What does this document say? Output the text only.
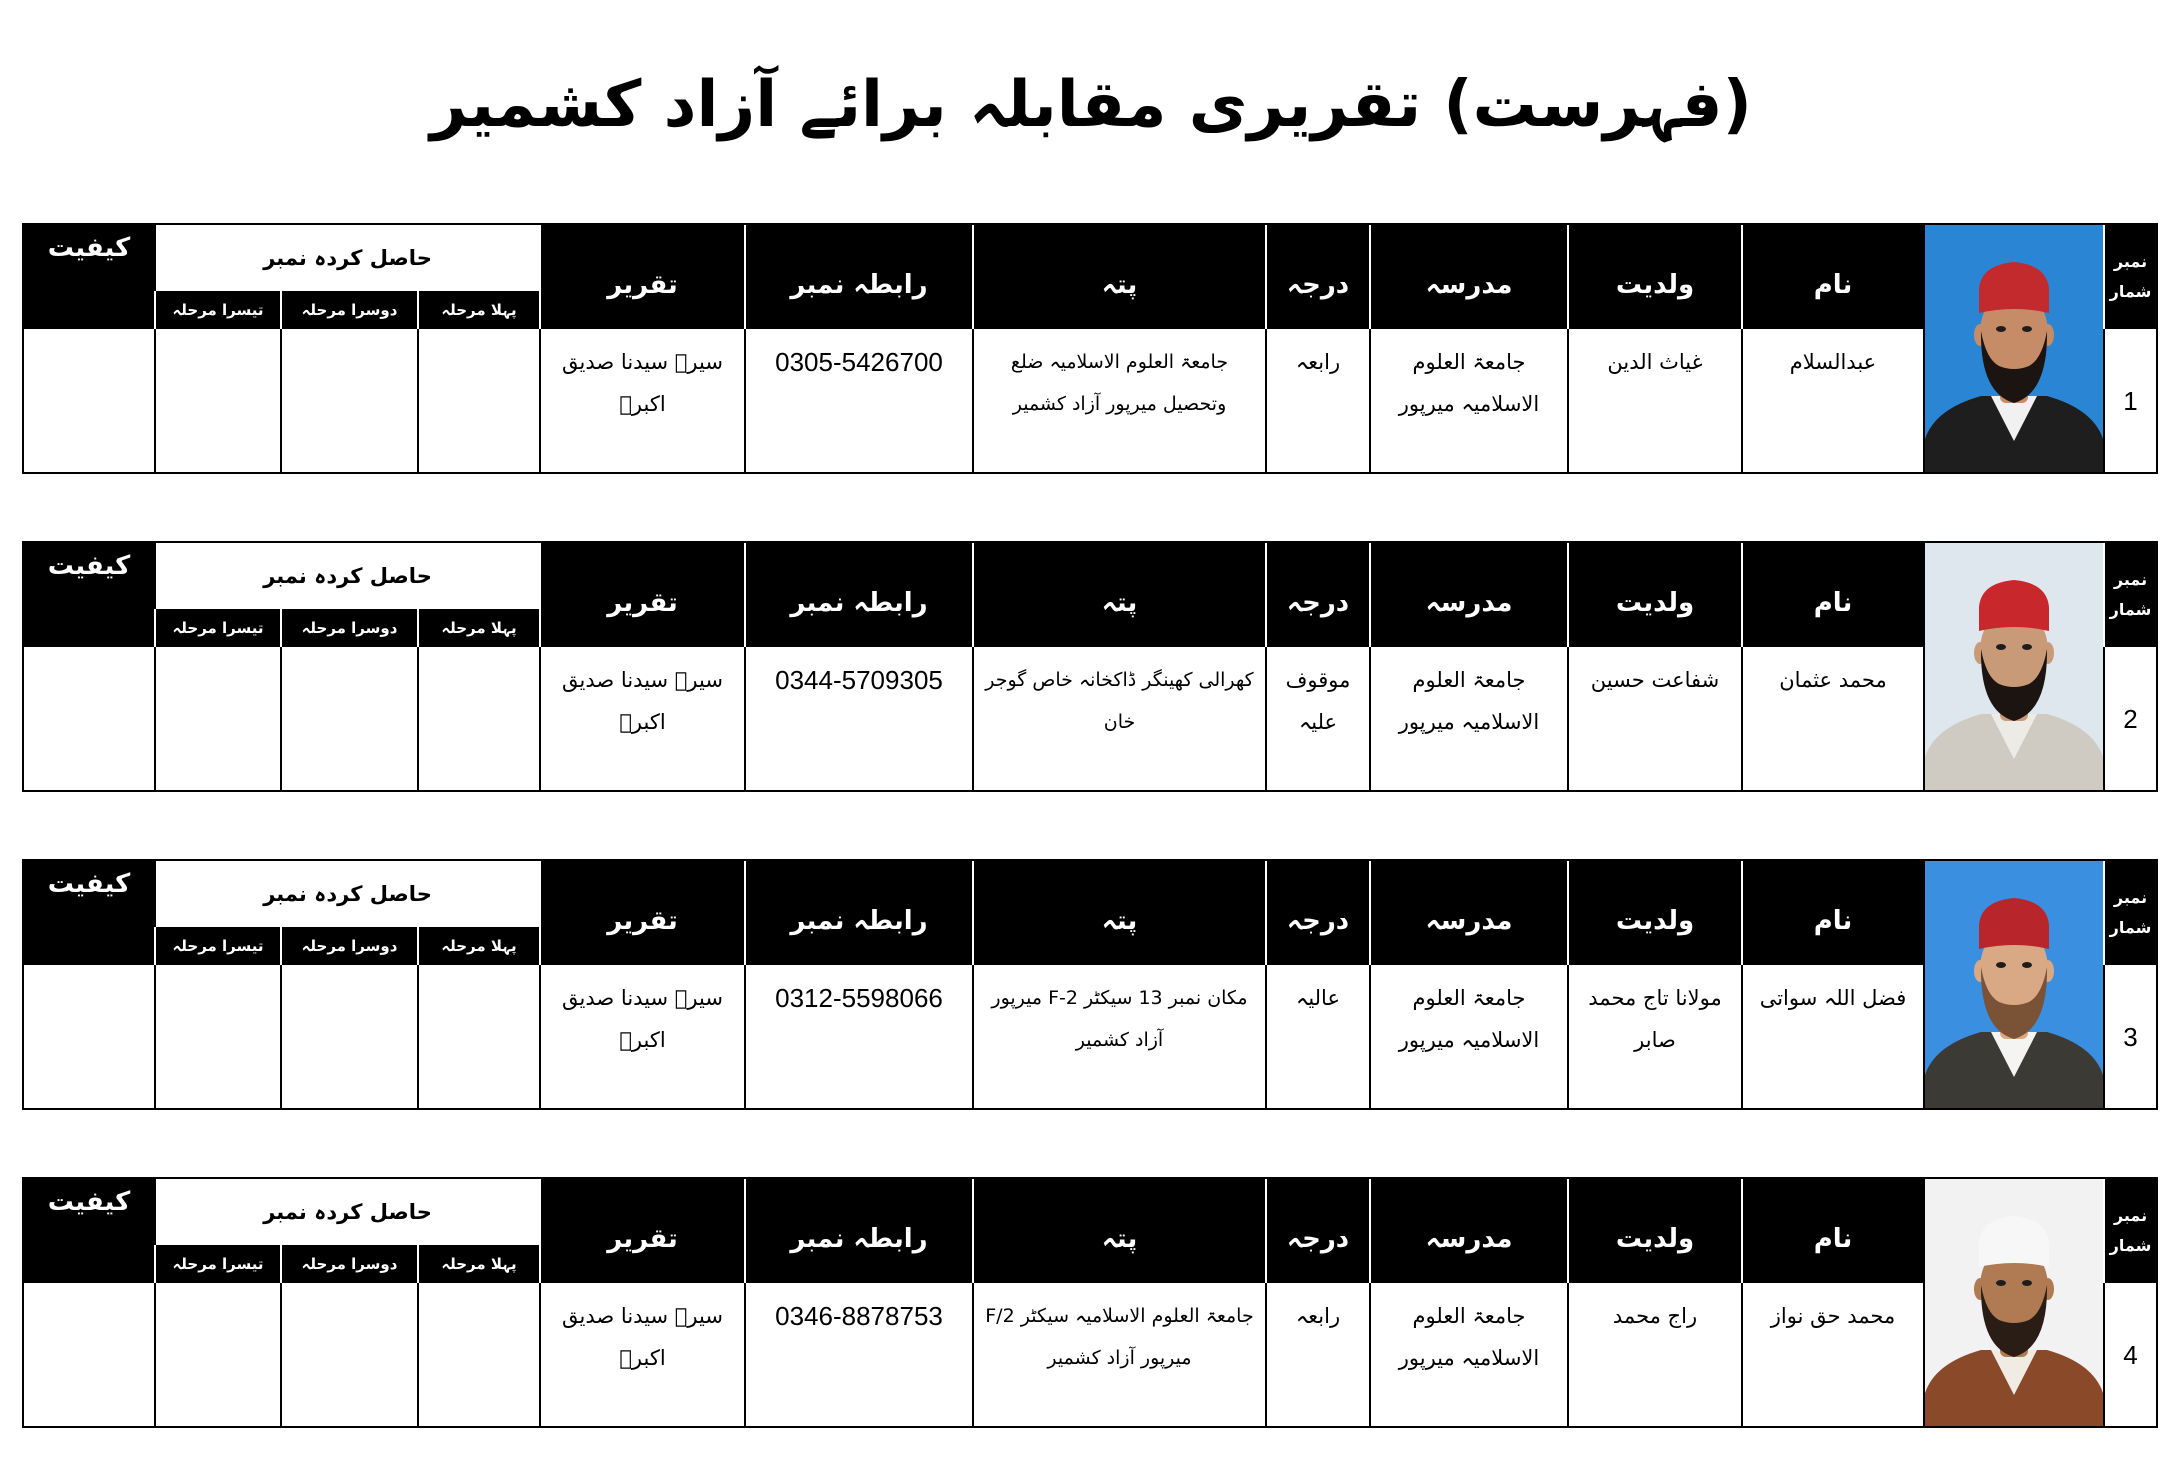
(فہرست) تقریری مقابلہ برائے آزاد کشمیر
نمبر شمار
نام
ولدیت
مدرسہ
درجہ
پتہ
رابطہ نمبر
تقریر
حاصل کردہ نمبر
پہلا مرحلہ
دوسرا مرحلہ
تیسرا مرحلہ
کیفیت
1
عبدالسلام
غیاث الدین
جامعۃ العلوم الاسلامیہ میرپور
رابعہ
جامعۃ العلوم الاسلامیہ ضلع وتحصیل میرپور آزاد کشمیر
0305-5426700
سیرۃ سیدنا صدیق اکبرؓ
نمبر شمار
نام
ولدیت
مدرسہ
درجہ
پتہ
رابطہ نمبر
تقریر
حاصل کردہ نمبر
پہلا مرحلہ
دوسرا مرحلہ
تیسرا مرحلہ
کیفیت
2
محمد عثمان
شفاعت حسین
جامعۃ العلوم الاسلامیہ میرپور
موقوف علیہ
کھرالی کھینگر ڈاکخانہ خاص گوجر خان
0344-5709305
سیرۃ سیدنا صدیق اکبرؓ
نمبر شمار
نام
ولدیت
مدرسہ
درجہ
پتہ
رابطہ نمبر
تقریر
حاصل کردہ نمبر
پہلا مرحلہ
دوسرا مرحلہ
تیسرا مرحلہ
کیفیت
3
فضل اللہ سواتی
مولانا تاج محمد صابر
جامعۃ العلوم الاسلامیہ میرپور
عالیہ
مکان نمبر 13 سیکٹر F-2 میرپور آزاد کشمیر
0312-5598066
سیرۃ سیدنا صدیق اکبرؓ
نمبر شمار
نام
ولدیت
مدرسہ
درجہ
پتہ
رابطہ نمبر
تقریر
حاصل کردہ نمبر
پہلا مرحلہ
دوسرا مرحلہ
تیسرا مرحلہ
کیفیت
4
محمد حق نواز
راج محمد
جامعۃ العلوم الاسلامیہ میرپور
رابعہ
جامعۃ العلوم الاسلامیہ سیکٹر F/2 میرپور آزاد کشمیر
0346-8878753
سیرۃ سیدنا صدیق اکبرؓ
